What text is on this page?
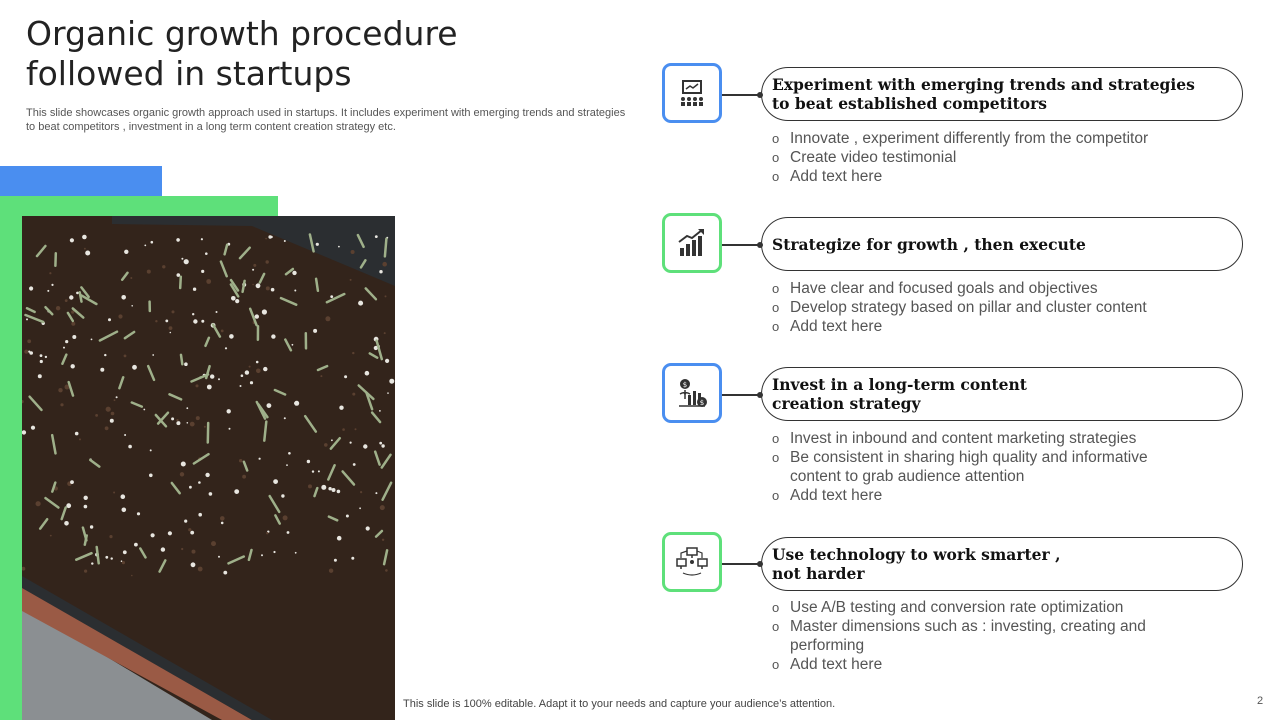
Organic growth procedure followed in startups
This slide showcases organic growth approach used in startups. It includes experiment with emerging trends and strategies to beat competitors , investment in a long term content creation strategy etc.
Experiment with emerging trends and strategies
to beat established competitors
o Innovate , experiment differently from the competitor
o Create video testimonial
o Add text here
Strategize for growth , then execute
o Have clear and focused goals and objectives
o Develop strategy based on pillar and cluster content
o Add text here
$
$
Invest in a long-term content
creation strategy
o Invest in inbound and content marketing strategies
o Be consistent in sharing high quality and informative content to grab audience attention
o Add text here
Use technology to work smarter ,
not harder
o Use A/B testing and conversion rate optimization
o Master dimensions such as : investing, creating and performing
o Add text here
This slide is 100% editable. Adapt it to your needs and capture your audience’s attention.	2
